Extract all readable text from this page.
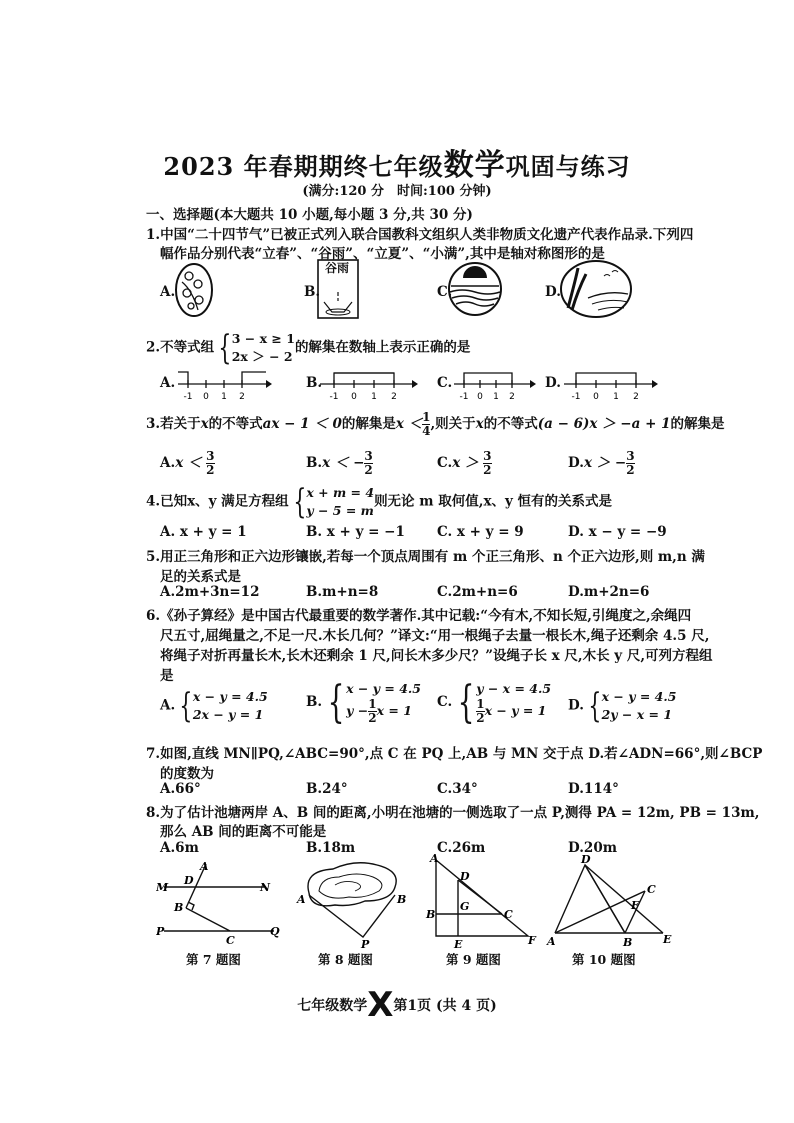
2023 年春期期终七年级数学巩固与练习
(满分:120 分　时间:100 分钟)
一、选择题(本大题共 10 小题,每小题 3 分,共 30 分)
1.中国“二十四节气”已被正式列入联合国教科文组织人类非物质文化遗产代表作品录.下列四
幅作品分别代表“立春”、“谷雨”、“立夏”、“小满”,其中是轴对称图形的是
A.	B.
谷雨
C.	D.
2.不等式组 { 3 − x ≥ 1
2x ＞ − 2
的解集在数轴上表示正确的是
A.	B.	C.	D.
-1 0 1 2	-1 0 1 2	-1 0 1 2	-1 0 1 2
3.若关于x的不等式ax − 1 ＜ 0的解集是$x < \frac{1}{4}$ ,则关于x的不等式(a − 6)x ＞ −a + 1的解集是
$A.x < \frac{3}{2}$	B.x ＜ − $\frac{3}{2}$	$C.x > \frac{3}{2}$	D.x ＞ − $\frac{3}{2}$
4.已知x、y 满足方程组 { x + m = 4
y − 5 = m
则无论 m 取何值,x、y 恒有的关系式是
A. x + y = 1	B. x + y = −1 C. x + y = 9	D. x − y = −9
5.用正三角形和正六边形镶嵌,若每一个顶点周围有 m 个正三角形、n 个正六边形,则 m,n 满
足的关系式是
A.2m+3n=12	B.m+n=8	C.2m+n=6	D.m+2n=6
6.《孙子算经》是中国古代最重要的数学著作.其中记载:“今有木,不知长短,引绳度之,余绳四
尺五寸,屈绳量之,不足一尺.木长几何？”译文:“用一根绳子去量一根长木,绳子还剩余 4.5 尺,
将绳子对折再量长木,长木还剩余 1 尺,问长木多少尺？”设绳子长 x 尺,木长 y 尺,可列方程组
是
A. { x − y = 4.5
2x − y = 1
B. { x − y = 4.5
$y - \frac{1}{2}$ x = 1
C. { y − x = 4.5
$\frac{1}{2}$ x − y = 1	D. { x − y = 4.5
2y − x = 1
7.如图,直线 MN∥PQ,∠ABC=90°,点 C 在 PQ 上,AB 与 MN 交于点 D.若∠ADN=66°,则∠BCP
的度数为
A.66°	B.24°	C.34°	D.114°
8.为了估计池塘两岸 A、B 间的距离,小明在池塘的一侧选取了一点 P,测得 PA = 12m, PB = 13m,
那么 AB 间的距离不可能是
A.6m	B.18m	C.26m	D.20m
A
M
D
N
B
P
C
Q
第 7 题图
A	B
P
第 8 题图
A
D
G
C
B
E	F
第 9 题图
D
F
C
A	B	E
第 10 题图
七年级数学X第1页 (共 4 页)
